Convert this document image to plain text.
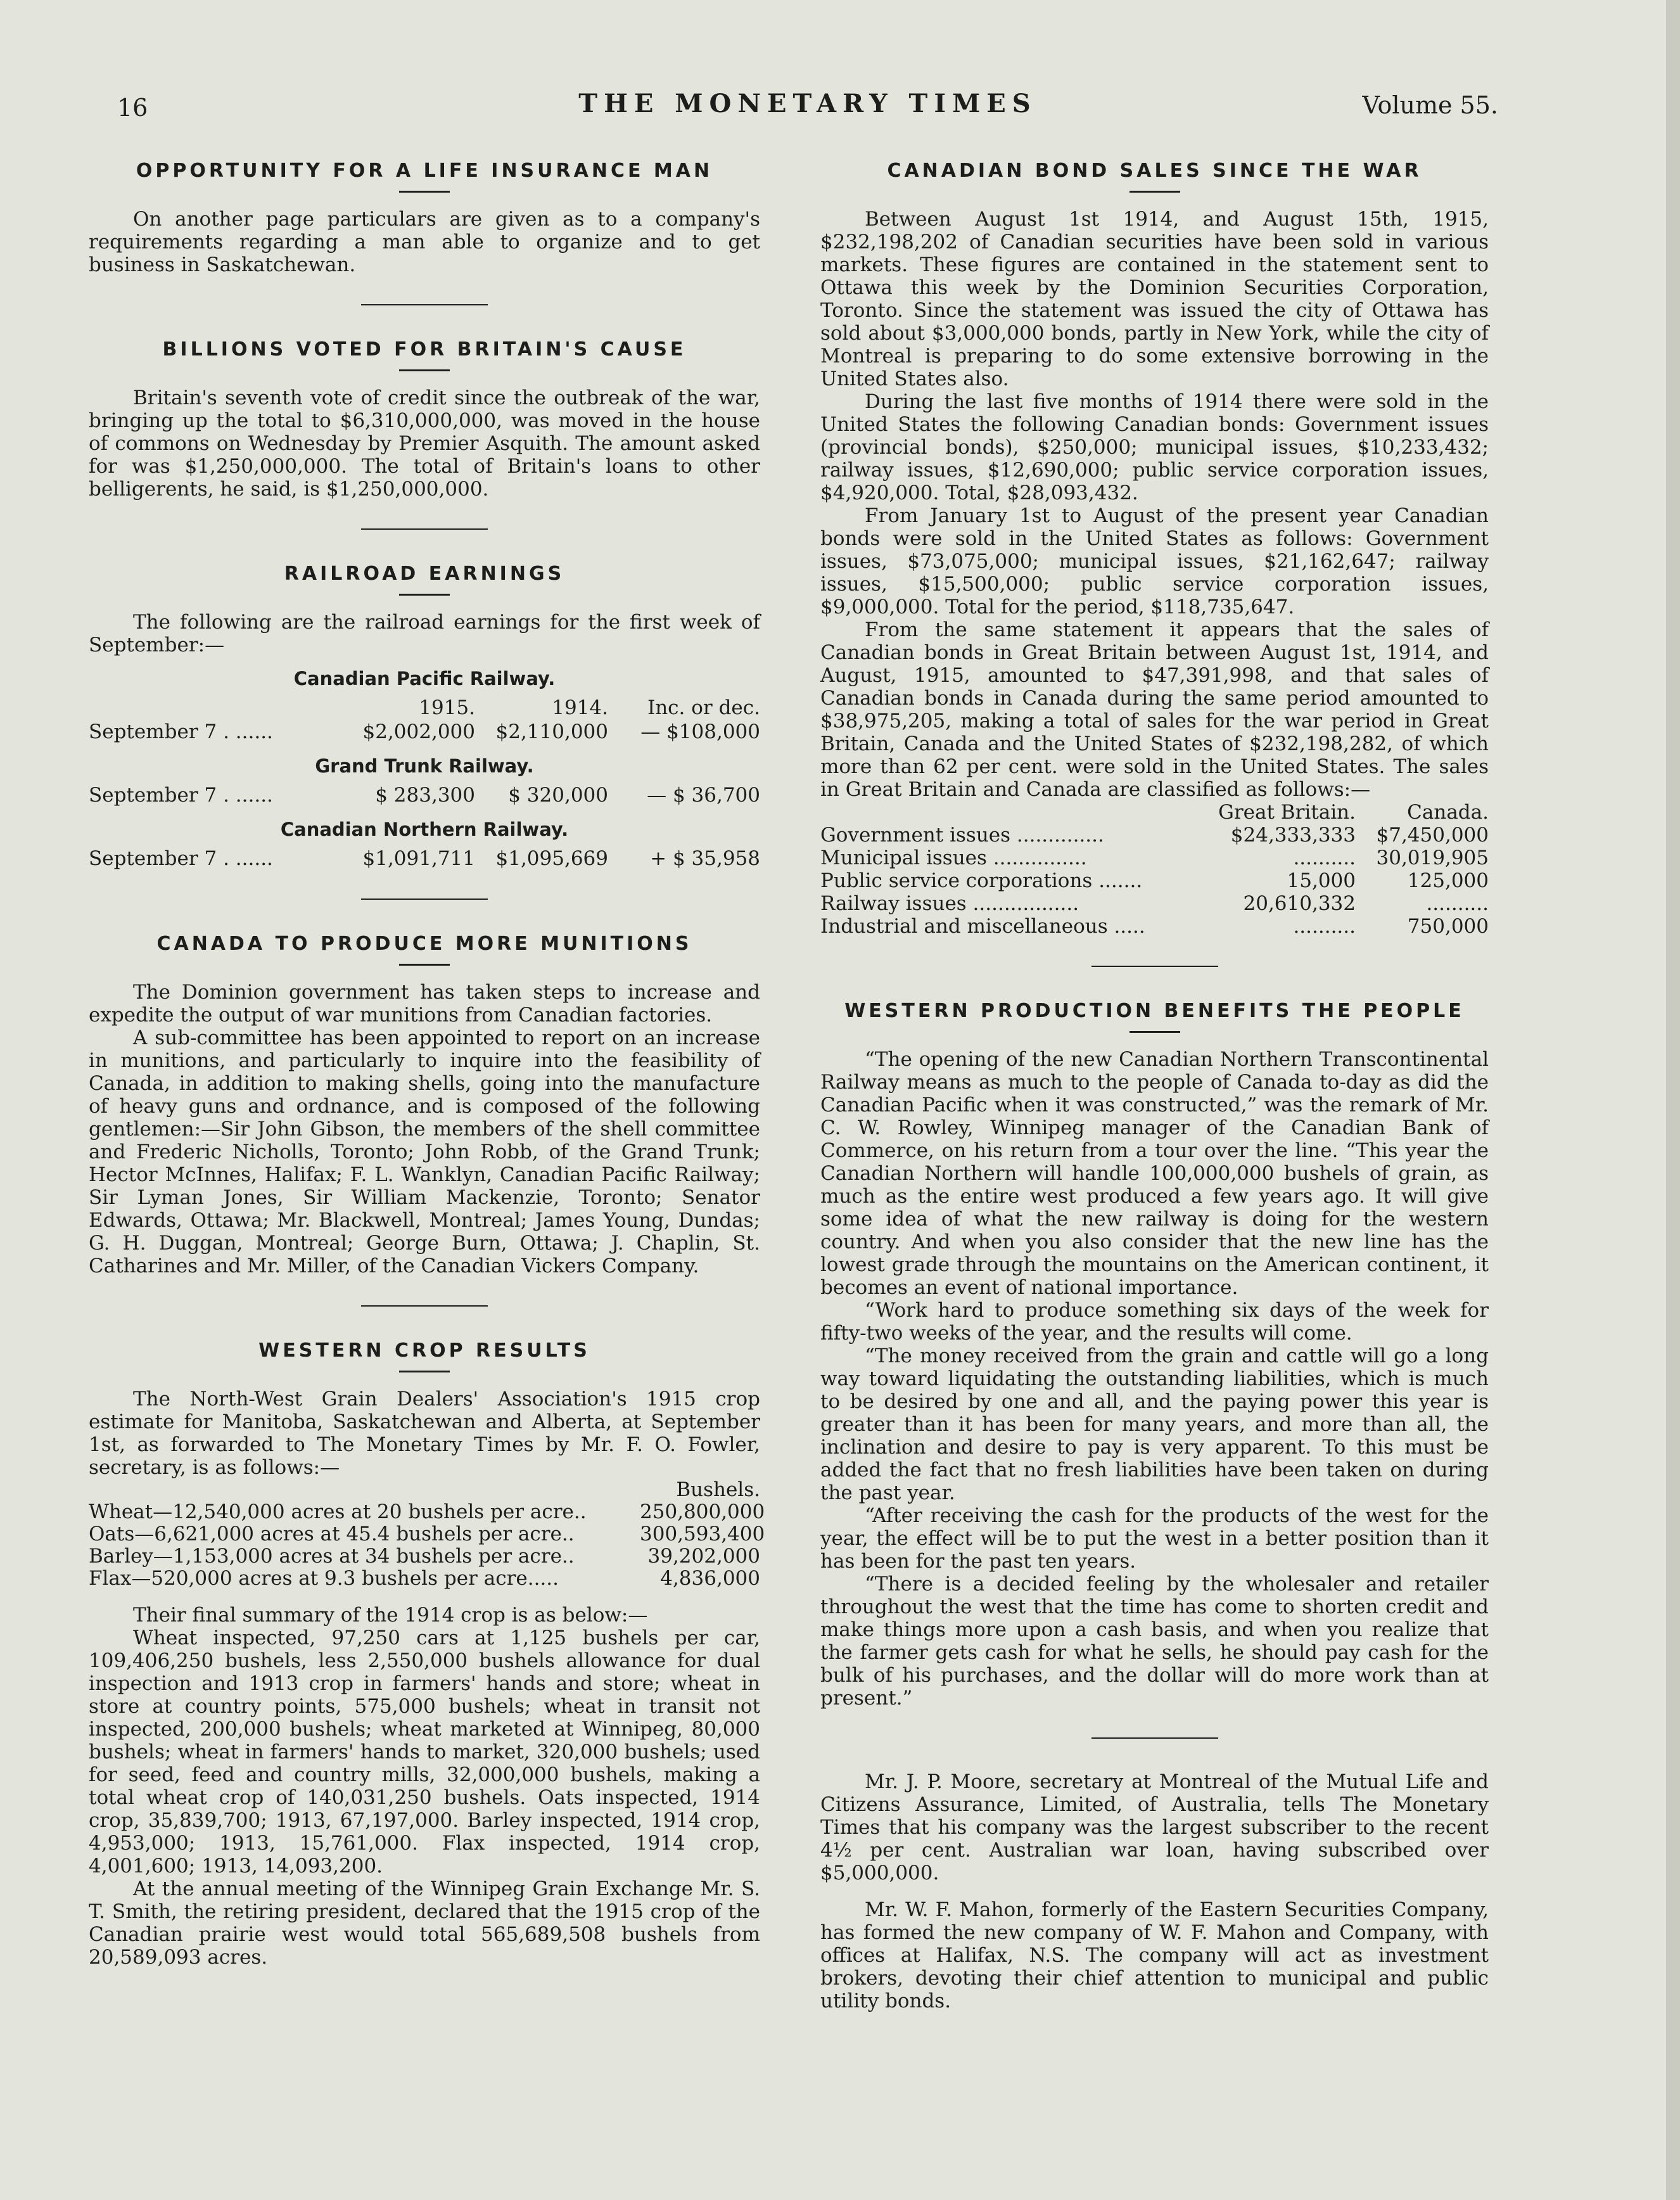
16	THE MONETARY TIMES	Volume 55.
OPPORTUNITY FOR A LIFE INSURANCE MAN

On another page particulars are given as to a company's requirements regarding a man able to organize and to get business in Saskatchewan.

BILLIONS VOTED FOR BRITAIN'S CAUSE

Britain's seventh vote of credit since the outbreak of the war, bringing up the total to $6,310,000,000, was moved in the house of commons on Wednesday by Premier Asquith. The amount asked for was $1,250,000,000. The total of Britain's loans to other belligerents, he said, is $1,250,000,000.

RAILROAD EARNINGS

The following are the railroad earnings for the first week of September:—

Canadian Pacific Railway.
1915.	1914.	Inc. or dec.
September 7 . ......	$2,002,000	$2,110,000	— $108,000
Grand Trunk Railway.
September 7 . ......	$ 283,300	$ 320,000	— $ 36,700
Canadian Northern Railway.
September 7 . ......	$1,091,711	$1,095,669	+ $ 35,958
CANADA TO PRODUCE MORE MUNITIONS

The Dominion government has taken steps to increase and expedite the output of war munitions from Canadian factories.

A sub-committee has been appointed to report on an increase in munitions, and particularly to inquire into the feasibility of Canada, in addition to making shells, going into the manufacture of heavy guns and ordnance, and is composed of the following gentlemen:—Sir John Gibson, the members of the shell committee and Frederic Nicholls, Toronto; John Robb, of the Grand Trunk; Hector McInnes, Halifax; F. L. Wanklyn, Canadian Pacific Railway; Sir Lyman Jones, Sir William Mackenzie, Toronto; Senator Edwards, Ottawa; Mr. Blackwell, Montreal; James Young, Dundas; G. H. Duggan, Montreal; George Burn, Ottawa; J. Chaplin, St. Catharines and Mr. Miller, of the Canadian Vickers Company.

WESTERN CROP RESULTS

The North-West Grain Dealers' Association's 1915 crop estimate for Manitoba, Saskatchewan and Alberta, at September 1st, as forwarded to The Monetary Times by Mr. F. O. Fowler, secretary, is as follows:—

Bushels.
Wheat—12,540,000 acres at 20 bushels per acre..	250,800,000
Oats—6,621,000 acres at 45.4 bushels per acre..	300,593,400
Barley—1,153,000 acres at 34 bushels per acre..	39,202,000
Flax—520,000 acres at 9.3 bushels per acre.....	4,836,000

Their final summary of the 1914 crop is as below:—

Wheat inspected, 97,250 cars at 1,125 bushels per car, 109,406,250 bushels, less 2,550,000 bushels allowance for dual inspection and 1913 crop in farmers' hands and store; wheat in store at country points, 575,000 bushels; wheat in transit not inspected, 200,000 bushels; wheat marketed at Winnipeg, 80,000 bushels; wheat in farmers' hands to market, 320,000 bushels; used for seed, feed and country mills, 32,000,000 bushels, making a total wheat crop of 140,031,250 bushels. Oats inspected, 1914 crop, 35,839,700; 1913, 67,197,000. Barley inspected, 1914 crop, 4,953,000; 1913, 15,761,000. Flax inspected, 1914 crop, 4,001,600; 1913, 14,093,200.

At the annual meeting of the Winnipeg Grain Exchange Mr. S. T. Smith, the retiring president, declared that the 1915 crop of the Canadian prairie west would total 565,689,508 bushels from 20,589,093 acres.

CANADIAN BOND SALES SINCE THE WAR

Between August 1st 1914, and August 15th, 1915, $232,198,202 of Canadian securities have been sold in various markets. These figures are contained in the statement sent to Ottawa this week by the Dominion Securities Corporation, Toronto. Since the statement was issued the city of Ottawa has sold about $3,000,000 bonds, partly in New York, while the city of Montreal is preparing to do some extensive borrowing in the United States also.

During the last five months of 1914 there were sold in the United States the following Canadian bonds: Government issues (provincial bonds), $250,000; municipal issues, $10,233,432; railway issues, $12,690,000; public service corporation issues, $4,920,000. Total, $28,093,432.

From January 1st to August of the present year Canadian bonds were sold in the United States as follows: Government issues, $73,075,000; municipal issues, $21,162,647; railway issues, $15,500,000; public service corporation issues, $9,000,000. Total for the period, $118,735,647.

From the same statement it appears that the sales of Canadian bonds in Great Britain between August 1st, 1914, and August, 1915, amounted to $47,391,998, and that sales of Canadian bonds in Canada during the same period amounted to $38,975,205, making a total of sales for the war period in Great Britain, Canada and the United States of $232,198,282, of which more than 62 per cent. were sold in the United States. The sales in Great Britain and Canada are classified as follows:—

Great Britain.	Canada.
Government issues ..............	$24,333,333	$7,450,000
Municipal issues ...............	..........	30,019,905
Public service corporations .......	15,000	125,000
Railway issues .................	20,610,332	..........
Industrial and miscellaneous .....	..........	750,000
WESTERN PRODUCTION BENEFITS THE PEOPLE

“The opening of the new Canadian Northern Transcontinental Railway means as much to the people of Canada to-day as did the Canadian Pacific when it was constructed,” was the remark of Mr. C. W. Rowley, Winnipeg manager of the Canadian Bank of Commerce, on his return from a tour over the line. “This year the Canadian Northern will handle 100,000,000 bushels of grain, as much as the entire west produced a few years ago. It will give some idea of what the new railway is doing for the western country. And when you also consider that the new line has the lowest grade through the mountains on the American continent, it becomes an event of national importance.

“Work hard to produce something six days of the week for fifty-two weeks of the year, and the results will come.

“The money received from the grain and cattle will go a long way toward liquidating the outstanding liabilities, which is much to be desired by one and all, and the paying power this year is greater than it has been for many years, and more than all, the inclination and desire to pay is very apparent. To this must be added the fact that no fresh liabilities have been taken on during the past year.

“After receiving the cash for the products of the west for the year, the effect will be to put the west in a better position than it has been for the past ten years.

“There is a decided feeling by the wholesaler and retailer throughout the west that the time has come to shorten credit and make things more upon a cash basis, and when you realize that the farmer gets cash for what he sells, he should pay cash for the bulk of his purchases, and the dollar will do more work than at present.”

Mr. J. P. Moore, secretary at Montreal of the Mutual Life and Citizens Assurance, Limited, of Australia, tells The Monetary Times that his company was the largest subscriber to the recent 4½ per cent. Australian war loan, having subscribed over $5,000,000.

Mr. W. F. Mahon, formerly of the Eastern Securities Company, has formed the new company of W. F. Mahon and Company, with offices at Halifax, N.S. The company will act as investment brokers, devoting their chief attention to municipal and public utility bonds.
